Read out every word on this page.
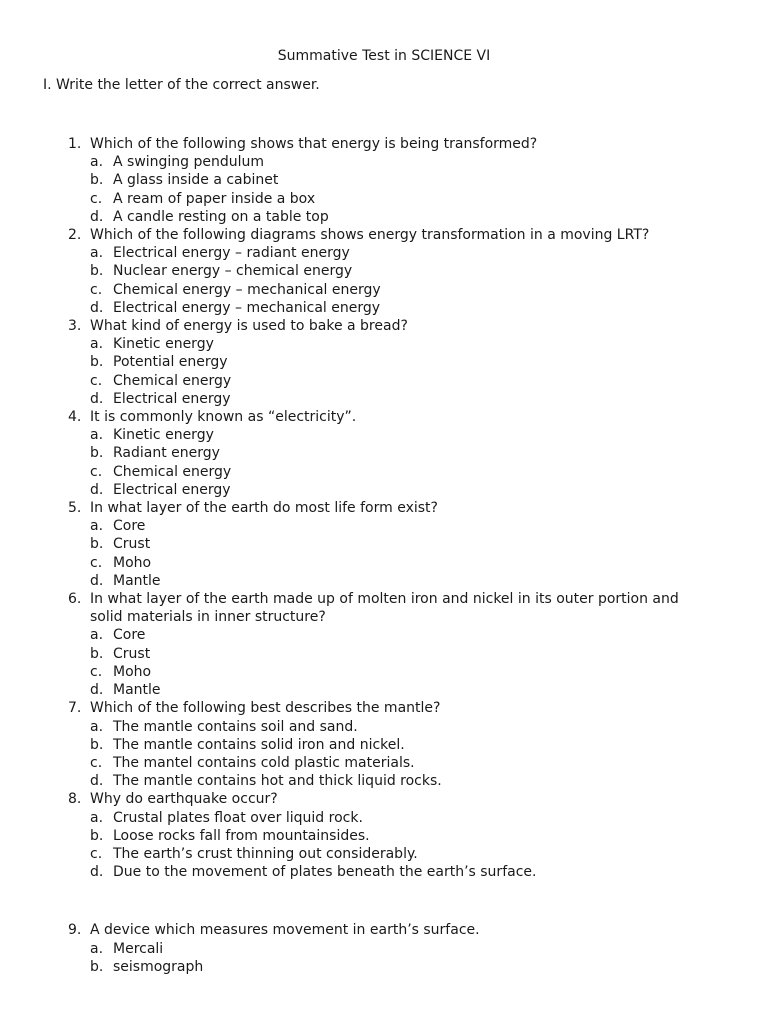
Summative Test in SCIENCE VI
I. Write the letter of the correct answer.
1. Which of the following shows that energy is being transformed?
a. A swinging pendulum
b. A glass inside a cabinet
c. A ream of paper inside a box
d. A candle resting on a table top
2. Which of the following diagrams shows energy transformation in a moving LRT?
a. Electrical energy – radiant energy
b. Nuclear energy – chemical energy
c. Chemical energy – mechanical energy
d. Electrical energy – mechanical energy
3. What kind of energy is used to bake a bread?
a. Kinetic energy
b. Potential energy
c. Chemical energy
d. Electrical energy
4. It is commonly known as “electricity”.
a. Kinetic energy
b. Radiant energy
c. Chemical energy
d. Electrical energy
5. In what layer of the earth do most life form exist?
a. Core
b. Crust
c. Moho
d. Mantle
6. In what layer of the earth made up of molten iron and nickel in its outer portion and solid materials in inner structure?
a. Core
b. Crust
c. Moho
d. Mantle
7. Which of the following best describes the mantle?
a. The mantle contains soil and sand.
b. The mantle contains solid iron and nickel.
c. The mantel contains cold plastic materials.
d. The mantle contains hot and thick liquid rocks.
8. Why do earthquake occur?
a. Crustal plates float over liquid rock.
b. Loose rocks fall from mountainsides.
c. The earth’s crust thinning out considerably.
d. Due to the movement of plates beneath the earth’s surface.
9. A device which measures movement in earth’s surface.
a. Mercali
b. seismograph
